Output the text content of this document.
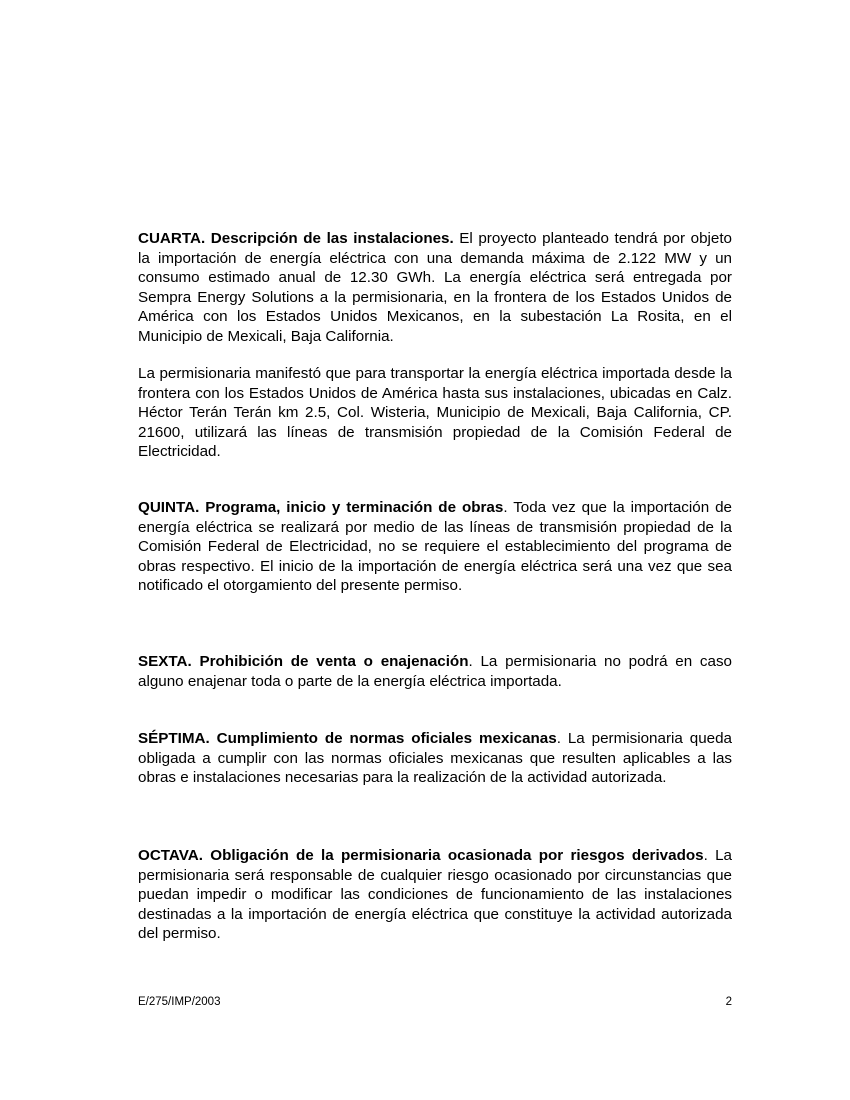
CUARTA. Descripción de las instalaciones. El proyecto planteado tendrá por objeto la importación de energía eléctrica con una demanda máxima de 2.122 MW y un consumo estimado anual de 12.30 GWh. La energía eléctrica será entregada por Sempra Energy Solutions a la permisionaria, en la frontera de los Estados Unidos de América con los Estados Unidos Mexicanos, en la subestación La Rosita, en el Municipio de Mexicali, Baja California.

La permisionaria manifestó que para transportar la energía eléctrica importada desde la frontera con los Estados Unidos de América hasta sus instalaciones, ubicadas en Calz. Héctor Terán Terán km 2.5, Col. Wisteria, Municipio de Mexicali, Baja California, CP. 21600, utilizará las líneas de transmisión propiedad de la Comisión Federal de Electricidad.

QUINTA. Programa, inicio y terminación de obras. Toda vez que la importación de energía eléctrica se realizará por medio de las líneas de transmisión propiedad de la Comisión Federal de Electricidad, no se requiere el establecimiento del programa de obras respectivo. El inicio de la importación de energía eléctrica será una vez que sea notificado el otorgamiento del presente permiso.

SEXTA. Prohibición de venta o enajenación. La permisionaria no podrá en caso alguno enajenar toda o parte de la energía eléctrica importada.

SÉPTIMA. Cumplimiento de normas oficiales mexicanas. La permisionaria queda obligada a cumplir con las normas oficiales mexicanas que resulten aplicables a las obras e instalaciones necesarias para la realización de la actividad autorizada.

OCTAVA. Obligación de la permisionaria ocasionada por riesgos derivados. La permisionaria será responsable de cualquier riesgo ocasionado por circunstancias que puedan impedir o modificar las condiciones de funcionamiento de las instalaciones destinadas a la importación de energía eléctrica que constituye la actividad autorizada del permiso.

E/275/IMP/2003	2
